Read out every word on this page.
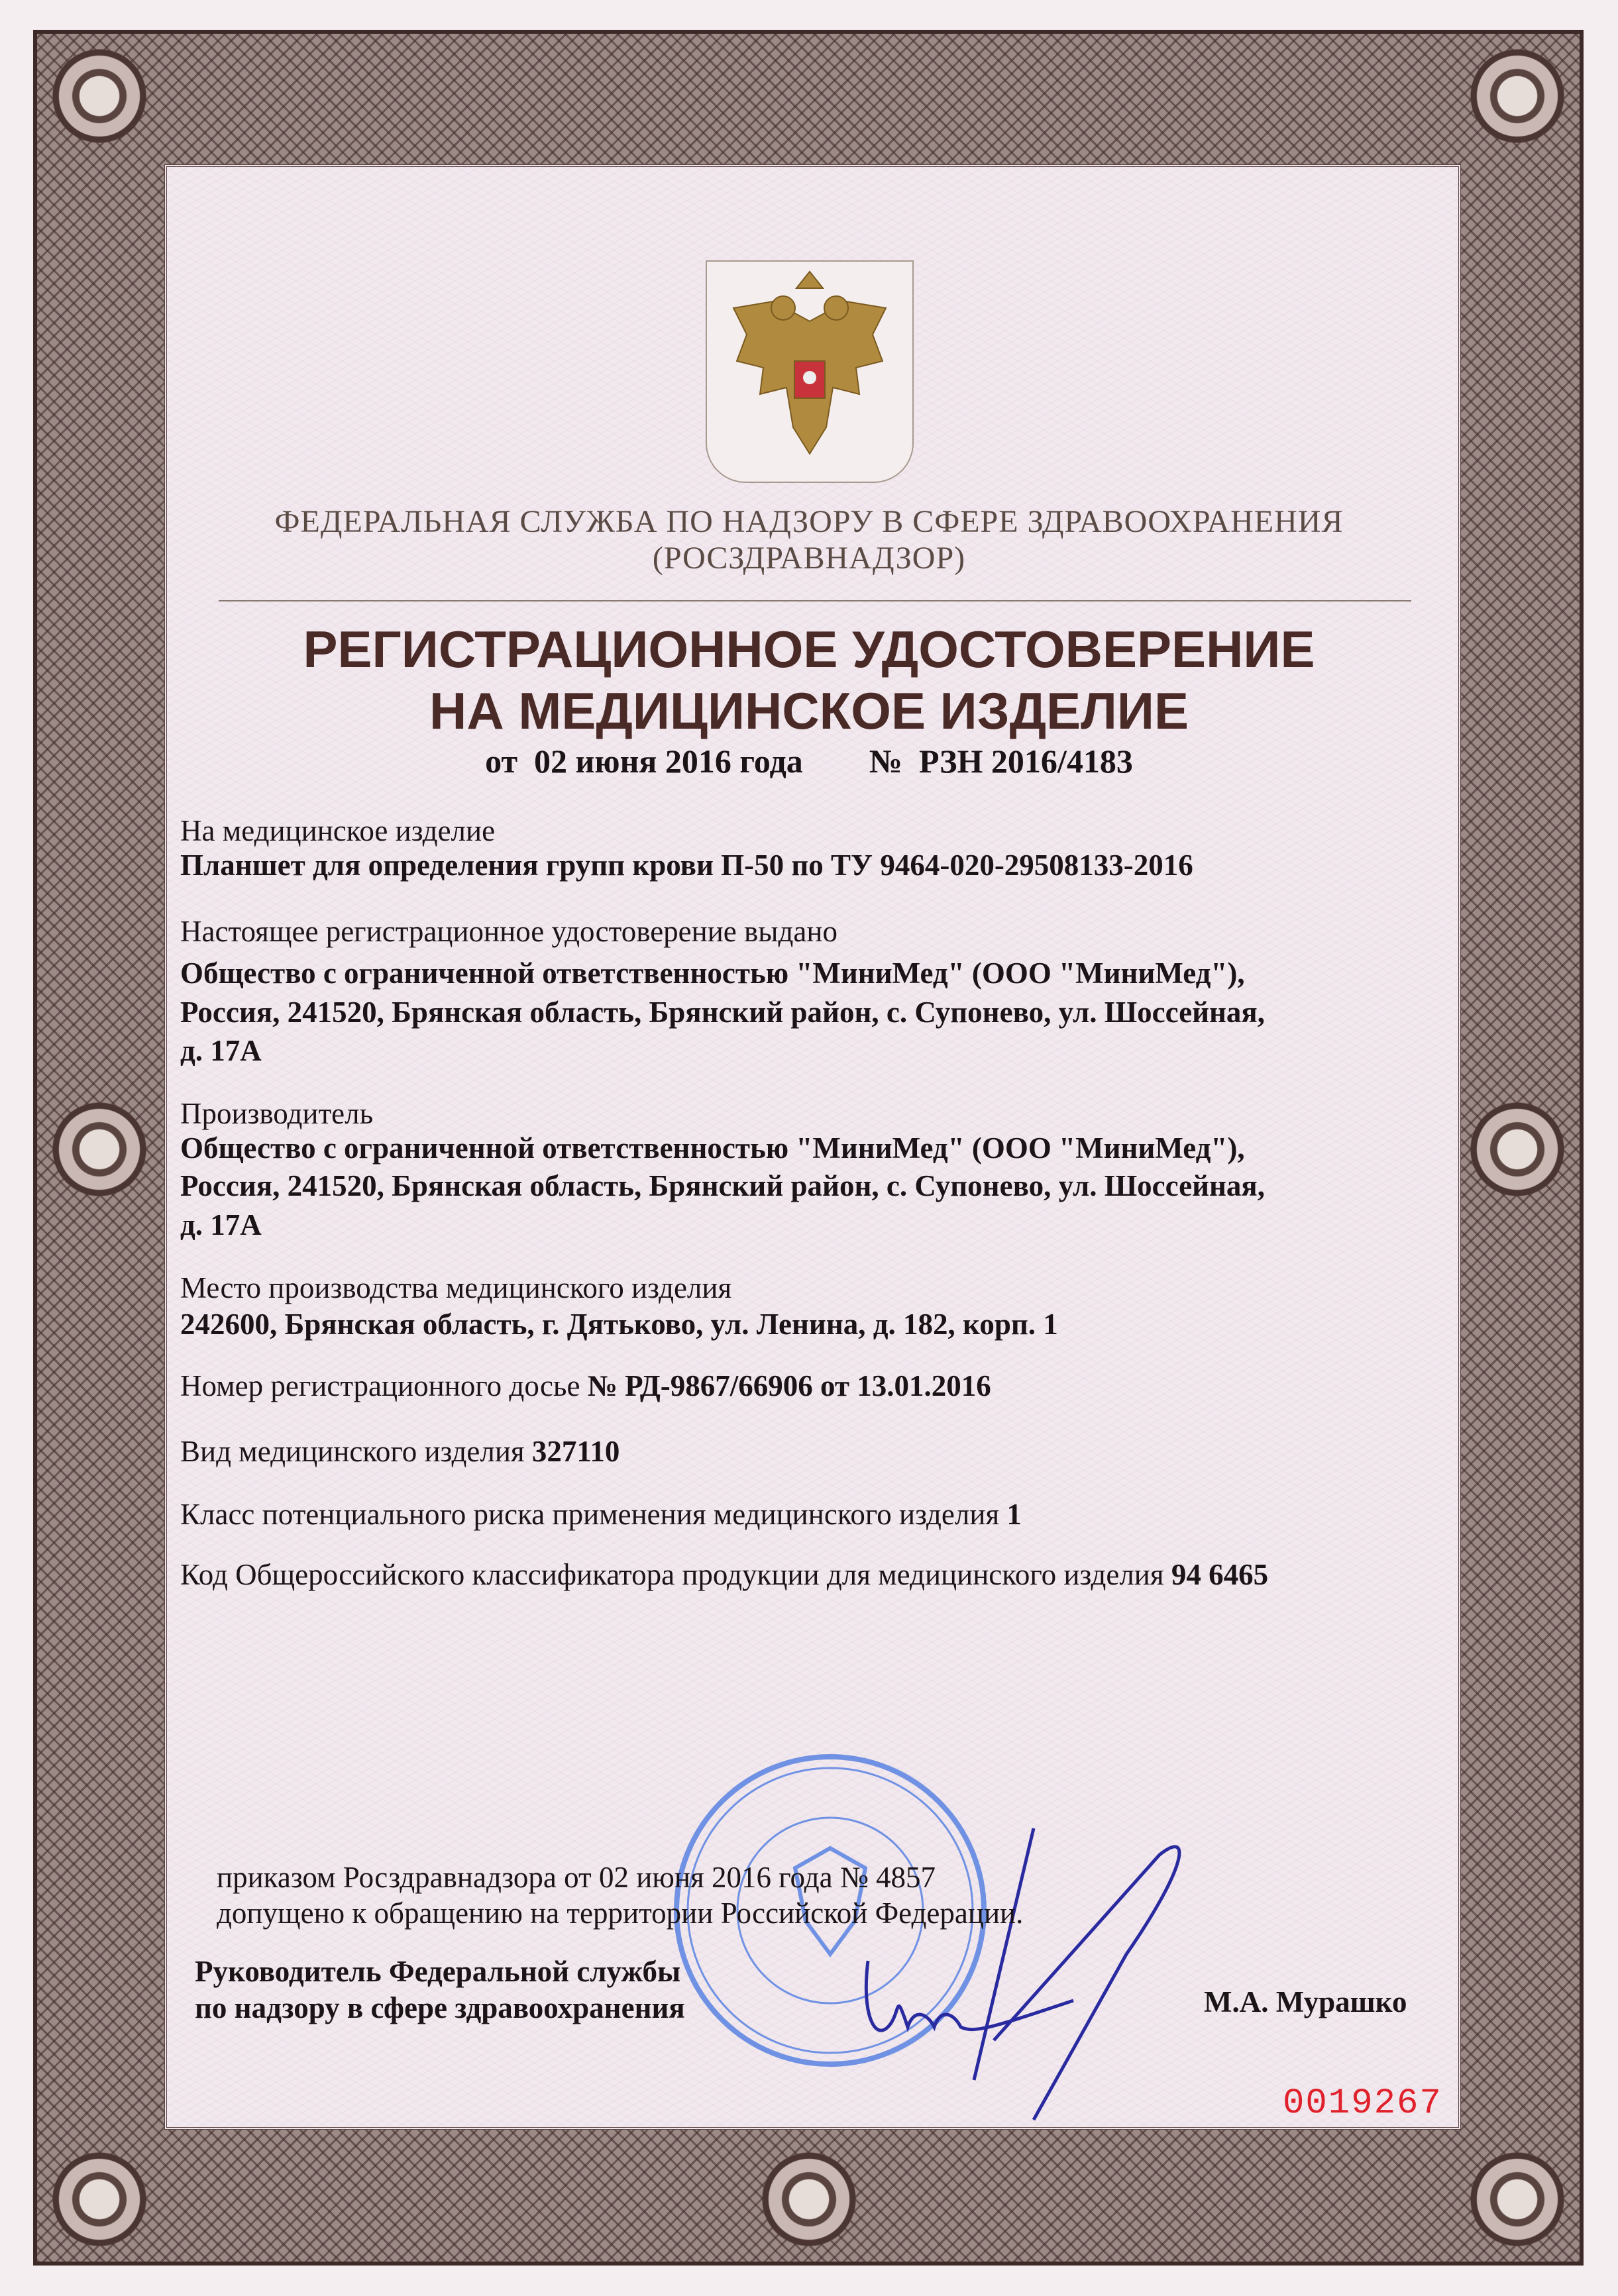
ФЕДЕРАЛЬНАЯ СЛУЖБА ПО НАДЗОРУ В СФЕРЕ ЗДРАВООХРАНЕНИЯ
(РОСЗДРАВНАДЗОР)
РЕГИСТРАЦИОННОЕ УДОСТОВЕРЕНИЕ
НА МЕДИЦИНСКОЕ ИЗДЕЛИЕ
от  02 июня 2016 года №  РЗН 2016/4183
На медицинское изделие
Планшет для определения групп крови П-50 по ТУ 9464-020-29508133-2016
Настоящее регистрационное удостоверение выдано
Общество с ограниченной ответственностью "МиниМед" (ООО "МиниМед"),
Россия, 241520, Брянская область, Брянский район, с. Супонево, ул. Шоссейная,
д. 17А
Производитель
Общество с ограниченной ответственностью "МиниМед" (ООО "МиниМед"),
Россия, 241520, Брянская область, Брянский район, с. Супонево, ул. Шоссейная,
д. 17А
Место производства медицинского изделия
242600, Брянская область, г. Дятьково, ул. Ленина, д. 182, корп. 1
Номер регистрационного досье № РД-9867/66906 от 13.01.2016
Вид медицинского изделия 327110
Класс потенциального риска применения медицинского изделия 1
Код Общероссийского классификатора продукции для медицинского изделия 94 6465
приказом Росздравнадзора от 02 июня 2016 года № 4857
допущено к обращению на территории Российской Федерации.
Руководитель Федеральной службы
по надзору в сфере здравоохранения	М.А. Мурашко
0019267
